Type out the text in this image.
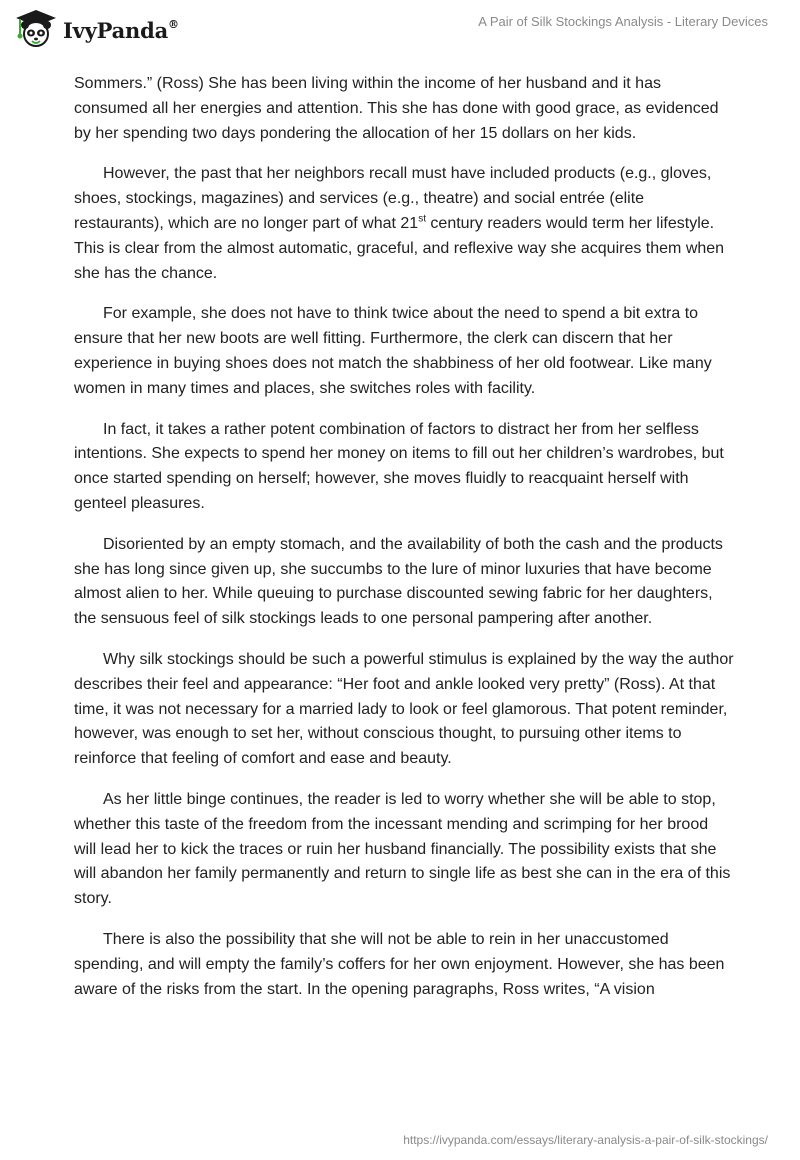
IvyPanda®	A Pair of Silk Stockings Analysis - Literary Devices

Sommers.” (Ross) She has been living within the income of her husband and it has consumed all her energies and attention. This she has done with good grace, as evidenced by her spending two days pondering the allocation of her 15 dollars on her kids.

However, the past that her neighbors recall must have included products (e.g., gloves, shoes, stockings, magazines) and services (e.g., theatre) and social entrée (elite restaurants), which are no longer part of what 21st century readers would term her lifestyle. This is clear from the almost automatic, graceful, and reflexive way she acquires them when she has the chance.

For example, she does not have to think twice about the need to spend a bit extra to ensure that her new boots are well fitting. Furthermore, the clerk can discern that her experience in buying shoes does not match the shabbiness of her old footwear. Like many women in many times and places, she switches roles with facility.

In fact, it takes a rather potent combination of factors to distract her from her selfless intentions. She expects to spend her money on items to fill out her children’s wardrobes, but once started spending on herself; however, she moves fluidly to reacquaint herself with genteel pleasures.

Disoriented by an empty stomach, and the availability of both the cash and the products she has long since given up, she succumbs to the lure of minor luxuries that have become almost alien to her. While queuing to purchase discounted sewing fabric for her daughters, the sensuous feel of silk stockings leads to one personal pampering after another.

Why silk stockings should be such a powerful stimulus is explained by the way the author describes their feel and appearance: “Her foot and ankle looked very pretty” (Ross). At that time, it was not necessary for a married lady to look or feel glamorous. That potent reminder, however, was enough to set her, without conscious thought, to pursuing other items to reinforce that feeling of comfort and ease and beauty.

As her little binge continues, the reader is led to worry whether she will be able to stop, whether this taste of the freedom from the incessant mending and scrimping for her brood will lead her to kick the traces or ruin her husband financially. The possibility exists that she will abandon her family permanently and return to single life as best she can in the era of this story.

There is also the possibility that she will not be able to rein in her unaccustomed spending, and will empty the family’s coffers for her own enjoyment. However, she has been aware of the risks from the start. In the opening paragraphs, Ross writes, “A vision

https://ivypanda.com/essays/literary-analysis-a-pair-of-silk-stockings/
